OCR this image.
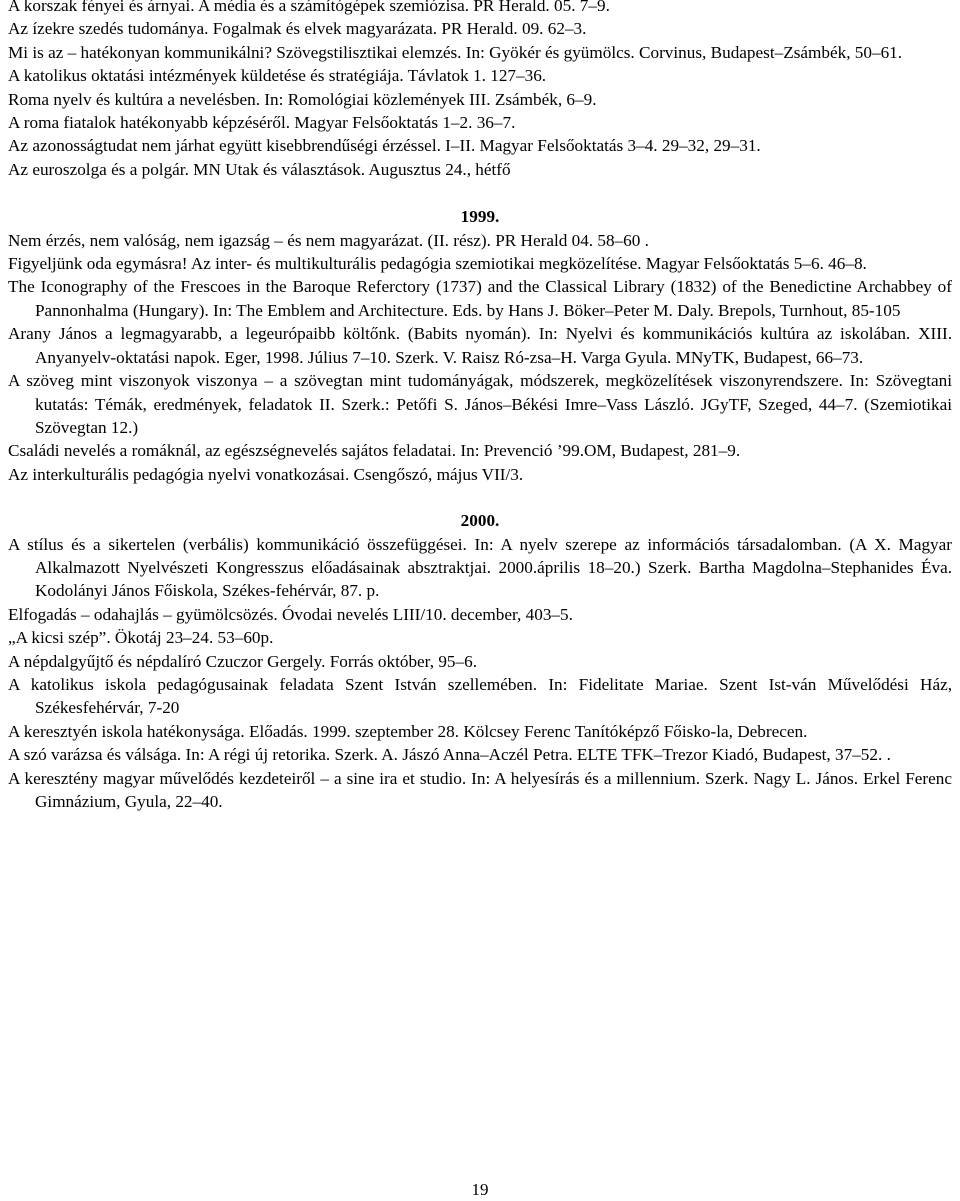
A korszak fényei és árnyai. A média és a számítógépek szemiózisa. PR Herald. 05. 7–9.

Az ízekre szedés tudománya. Fogalmak és elvek magyarázata. PR Herald. 09. 62–3.

Mi is az – hatékonyan kommunikálni? Szövegstilisztikai elemzés. In: Gyökér és gyümölcs. Corvinus, Budapest–Zsámbék, 50–61.

A katolikus oktatási intézmények küldetése és stratégiája. Távlatok 1. 127–36.

Roma nyelv és kultúra a nevelésben. In: Romológiai közlemények III. Zsámbék, 6–9.

A roma fiatalok hatékonyabb képzéséről. Magyar Felsőoktatás 1–2. 36–7.

Az azonosságtudat nem járhat együtt kisebbrendűségi érzéssel. I–II. Magyar Felsőoktatás 3–4. 29–32, 29–31.

Az euroszolga és a polgár. MN Utak és választások. Augusztus 24., hétfő

1999.

Nem érzés, nem valóság, nem igazság – és nem magyarázat. (II. rész). PR Herald 04. 58–60 .

Figyeljünk oda egymásra! Az inter- és multikulturális pedagógia szemiotikai megközelítése. Magyar Felsőoktatás 5–6. 46–8.

The Iconography of the Frescoes in the Baroque Referctory (1737) and the Classical Library (1832) of the Benedictine Archabbey of Pannonhalma (Hungary). In: The Emblem and Architecture. Eds. by Hans J. Böker–Peter M. Daly. Brepols, Turnhout, 85-105

Arany János a legmagyarabb, a legeurópaibb költőnk. (Babits nyomán). In: Nyelvi és kommunikációs kultúra az iskolában. XIII. Anyanyelv-oktatási napok. Eger, 1998. Július 7–10. Szerk. V. Raisz Ró-zsa–H. Varga Gyula. MNyTK, Budapest, 66–73.

A szöveg mint viszonyok viszonya – a szövegtan mint tudományágak, módszerek, megközelítések viszonyrendszere. In: Szövegtani kutatás: Témák, eredmények, feladatok II. Szerk.: Petőfi S. János–Békési Imre–Vass László. JGyTF, Szeged, 44–7. (Szemiotikai Szövegtan 12.)

Családi nevelés a romáknál, az egészségnevelés sajátos feladatai. In: Prevenció ’99.OM, Budapest, 281–9.

Az interkulturális pedagógia nyelvi vonatkozásai. Csengőszó, május VII/3.

2000.

A stílus és a sikertelen (verbális) kommunikáció összefüggései. In: A nyelv szerepe az információs társadalomban. (A X. Magyar Alkalmazott Nyelvészeti Kongresszus előadásainak absztraktjai. 2000.április 18–20.) Szerk. Bartha Magdolna–Stephanides Éva. Kodolányi János Főiskola, Székes-fehérvár, 87. p.

Elfogadás – odahajlás – gyümölcsözés. Óvodai nevelés LIII/10. december, 403–5.

„A kicsi szép”. Ökotáj 23–24. 53–60p.

A népdalgyűjtő és népdalíró Czuczor Gergely. Forrás október, 95–6.

A katolikus iskola pedagógusainak feladata Szent István szellemében. In: Fidelitate Mariae. Szent Ist-ván Művelődési Ház, Székesfehérvár, 7-20

A keresztyén iskola hatékonysága. Előadás. 1999. szeptember 28. Kölcsey Ferenc Tanítóképző Főisko-la, Debrecen.

A szó varázsa és válsága. In: A régi új retorika. Szerk. A. Jászó Anna–Aczél Petra. ELTE TFK–Trezor Kiadó, Budapest, 37–52. .

A keresztény magyar művelődés kezdeteiről – a sine ira et studio. In: A helyesírás és a millennium. Szerk. Nagy L. János. Erkel Ferenc Gimnázium, Gyula, 22–40.

19
